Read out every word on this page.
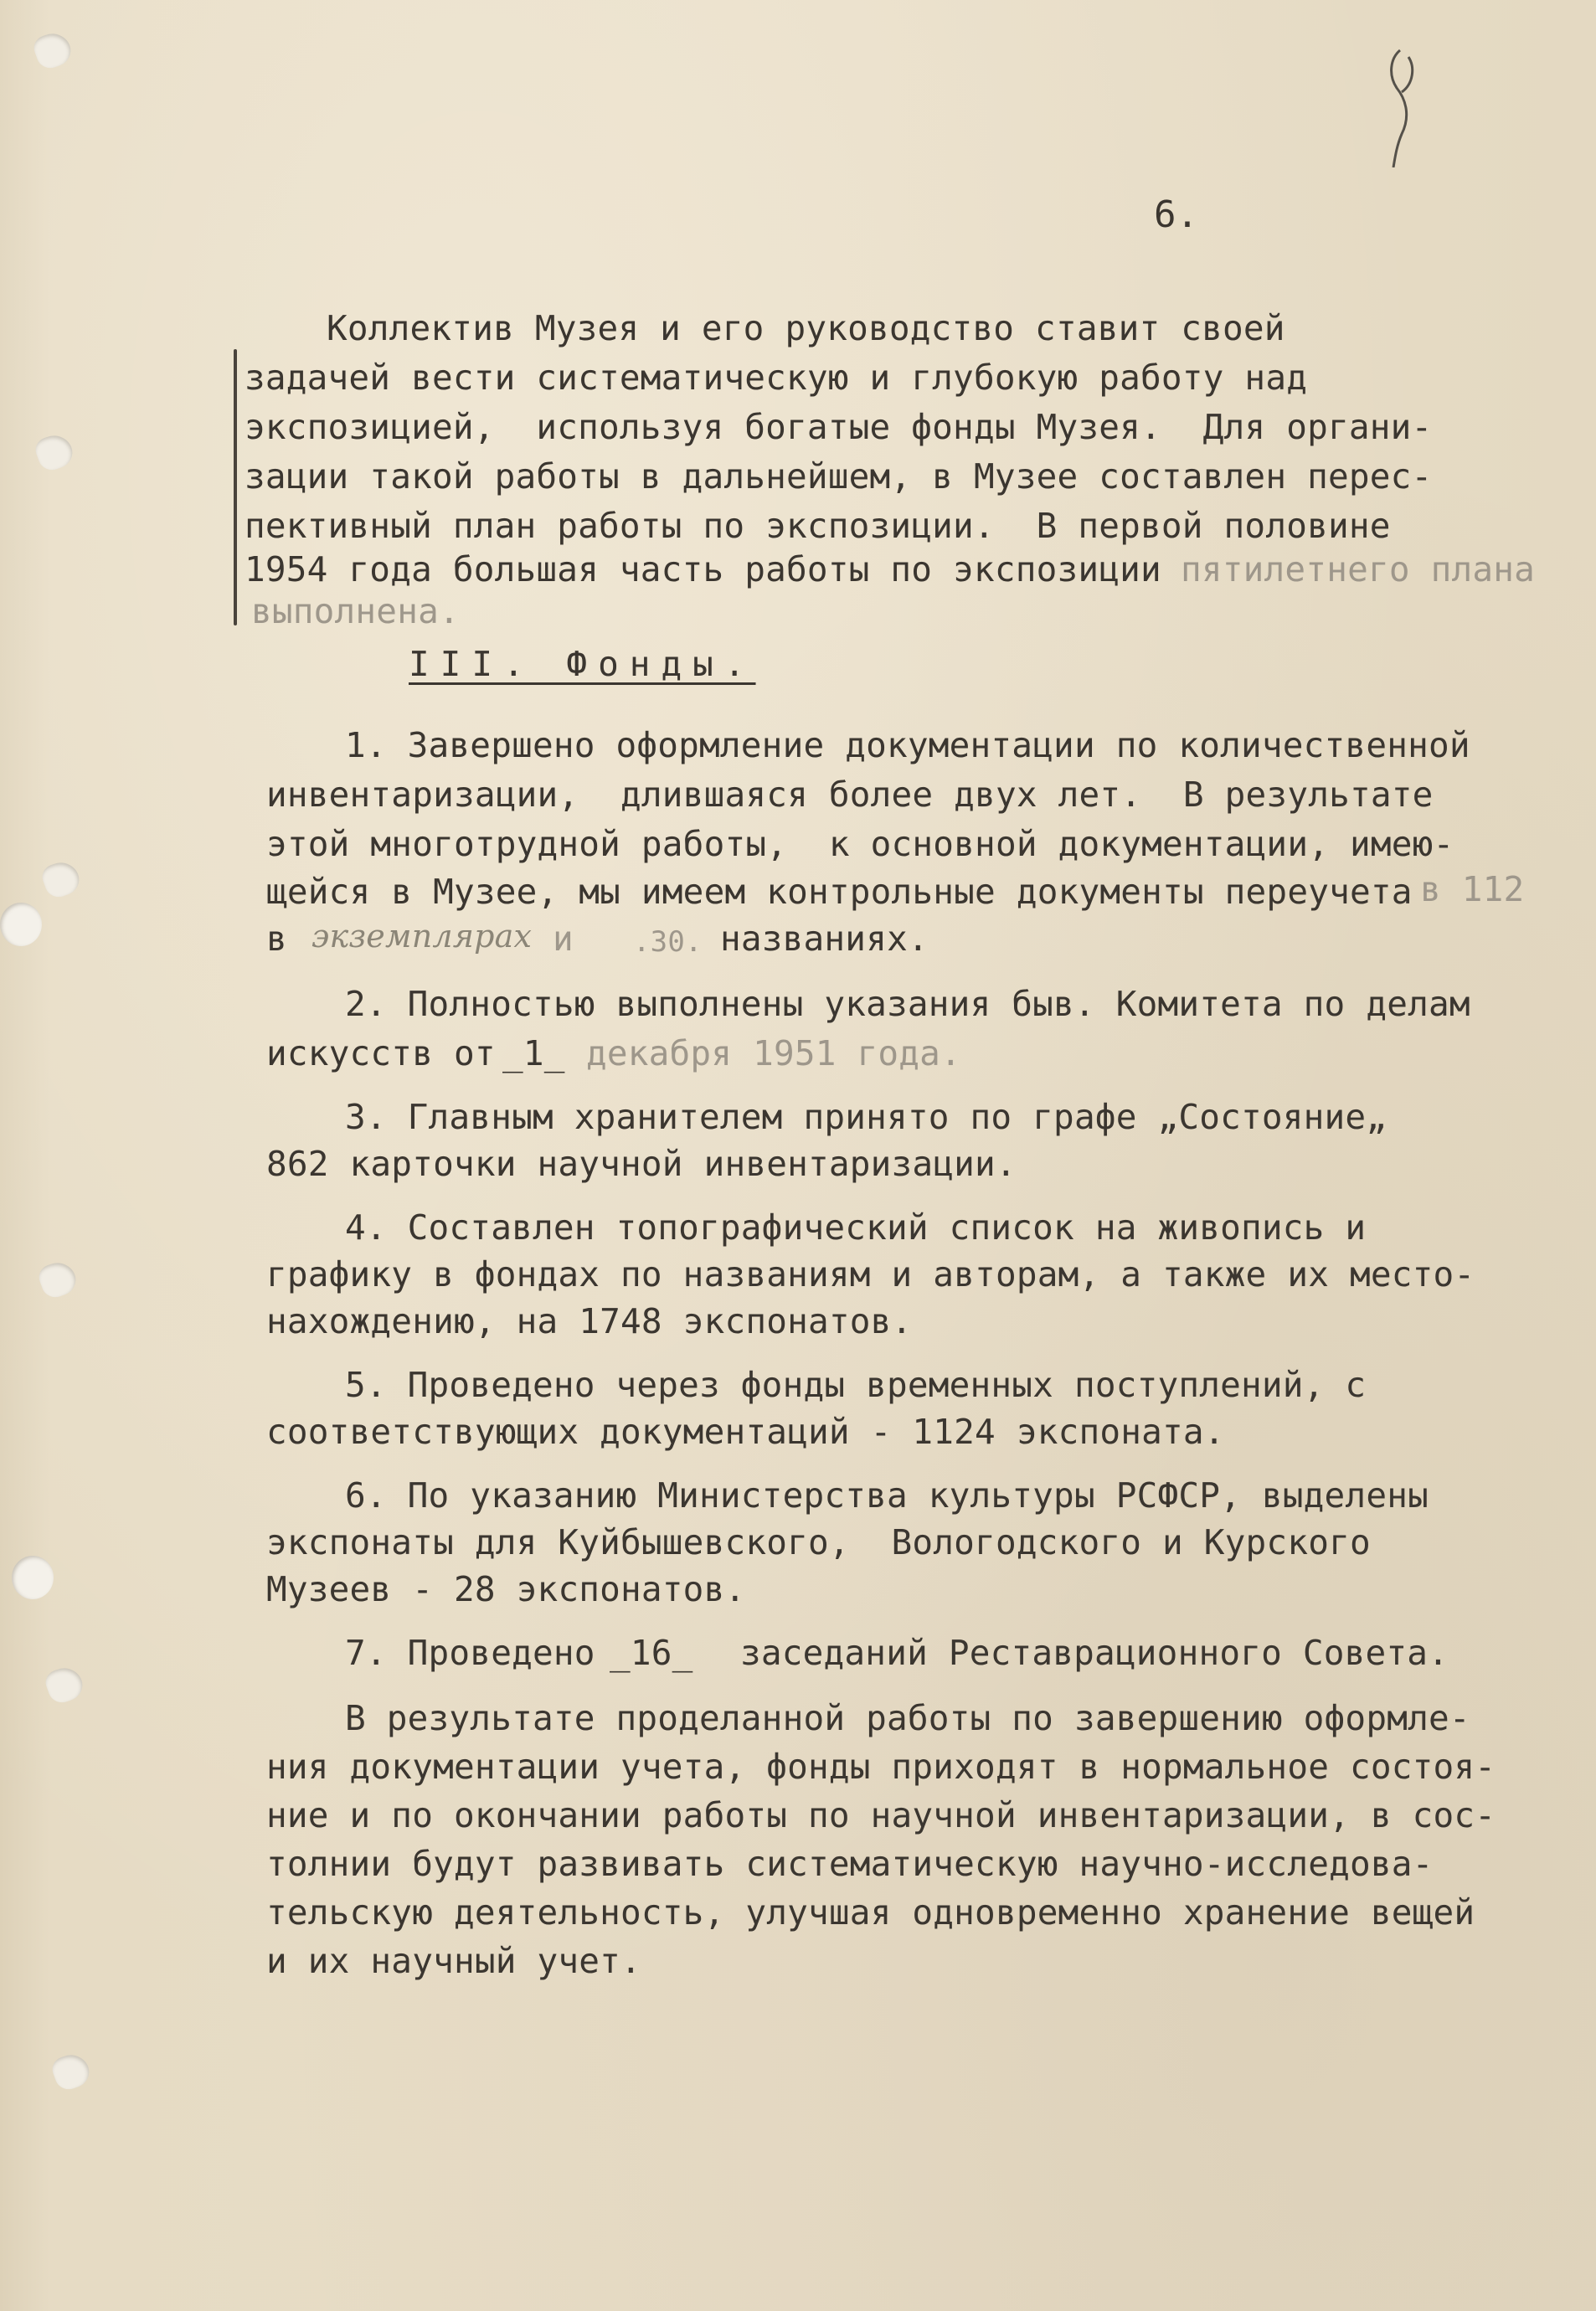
6.
Коллектив Музея и его руководство ставит своей
задачей вести систематическую и глубокую работу над
экспозицией,  используя богатые фонды Музея.  Для органи-
зации такой работы в дальнейшем, в Музее составлен перес-
пективный план работы по экспозиции.  В первой половине
1954 года большая часть работы по экспозиции пятилетнего плана
выполнена.
III. Фонды.
1. Завершено оформление документации по количественной
инвентаризации,  длившаяся более двух лет.  В результате
этой многотрудной работы,  к основной документации, имею-
щейся в Музее, мы имеем контрольные документы переучета в 112
в экземплярах и .30. названиях.
2. Полностью выполнены указания быв. Комитета по делам
искусств от _1_ декабря 1951 года.
3. Главным хранителем принято по графе „Состояние„
862 карточки научной инвентаризации.
4. Составлен топографический список на живопись и
графику в фондах по названиям и авторам, а также их место-
нахождению, на 1748 экспонатов.
5. Проведено через фонды временных поступлений, с
соответствующих документаций - 1124 экспоната.
6. По указанию Министерства культуры РСФСР, выделены
экспонаты для Куйбышевского,  Вологодского и Курского
Музеев - 28 экспонатов.
7. Проведено _16_ заседаний Реставрационного Совета.
В результате проделанной работы по завершению оформле-
ния документации учета, фонды приходят в нормальное состоя-
ние и по окончании работы по научной инвентаризации, в сос-
толнии будут развивать систематическую научно-исследова-
тельскую деятельность, улучшая одновременно хранение вещей
и их научный учет.
